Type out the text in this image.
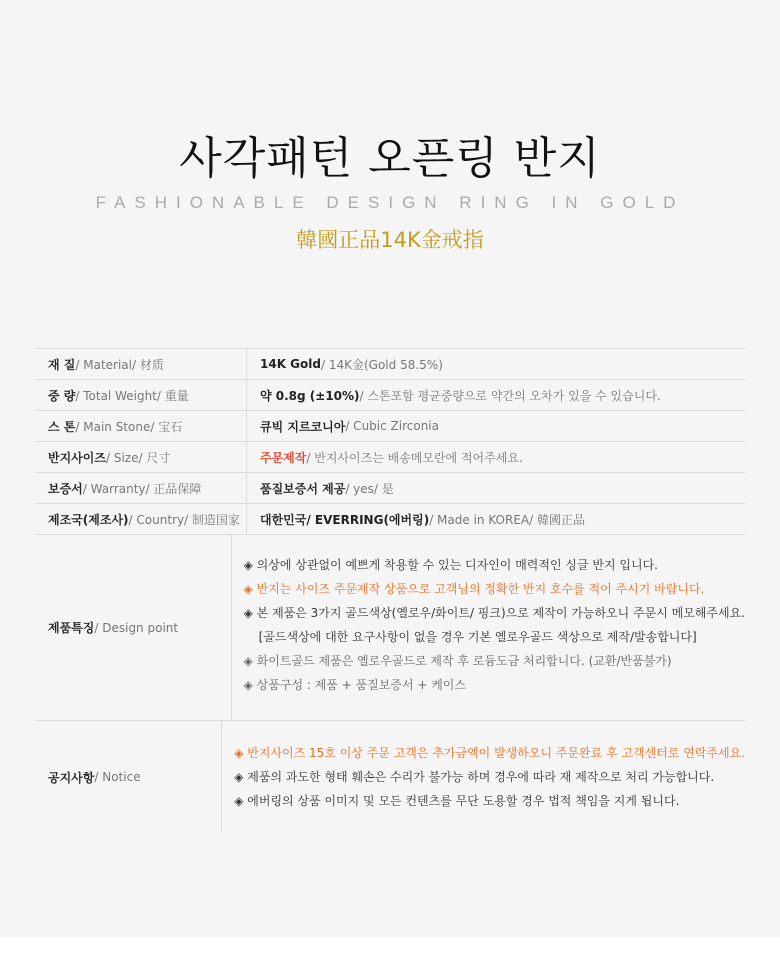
사각패턴 오픈링 반지
FASHIONABLE DESIGN RING IN GOLD
韓國正品14K金戒指
재 질 / Material/ 材质	14K Gold / 14K金(Gold 58.5%)
중 량 / Total Weight/ 重量	약 0.8g (±10%) / 스톤포함 평균중량으로 약간의 오차가 있을 수 있습니다.
스 톤 / Main Stone/ 宝石	큐빅 지르코니아 / Cubic Zirconia
반지사이즈 / Size/ 尺寸	주문제작 / 반지사이즈는 배송메모란에 적어주세요.
보증서 / Warranty/ 正品保障	품질보증서 제공 / yes/ 是
제조국(제조사) / Country/ 制造国家 대한민국/ EVERRING(에버링) / Made in KOREA/ 韓國正品
제품특징 / Design point
◈ 의상에 상관없이 예쁘게 착용할 수 있는 디자인이 매력적인 싱글 반지 입니다.
◈ 반지는 사이즈 주문제작 상품으로 고객님의 정확한 반지 호수를 적어 주시기 바랍니다.
◈ 본 제품은 3가지 골드색상(옐로우/화이트/ 핑크)으로 제작이 가능하오니 주문시 메모해주세요.
[골드색상에 대한 요구사항이 없을 경우 기본 옐로우골드 색상으로 제작/발송합니다]
◈ 화이트골드 제품은 옐로우골드로 제작 후 로듐도금 처리합니다. (교환/반품불가)
◈ 상품구성 : 제품 + 품질보증서 + 케이스
공지사항 / Notice
◈ 반지사이즈 15호 이상 주문 고객은 추가금액이 발생하오니 주문완료 후 고객센터로 연락주세요.
◈ 제품의 과도한 형태 훼손은 수리가 불가능 하며 경우에 따라 재 제작으로 처리 가능합니다.
◈ 에버링의 상품 이미지 및 모든 컨텐츠를 무단 도용할 경우 법적 책임을 지게 됩니다.
